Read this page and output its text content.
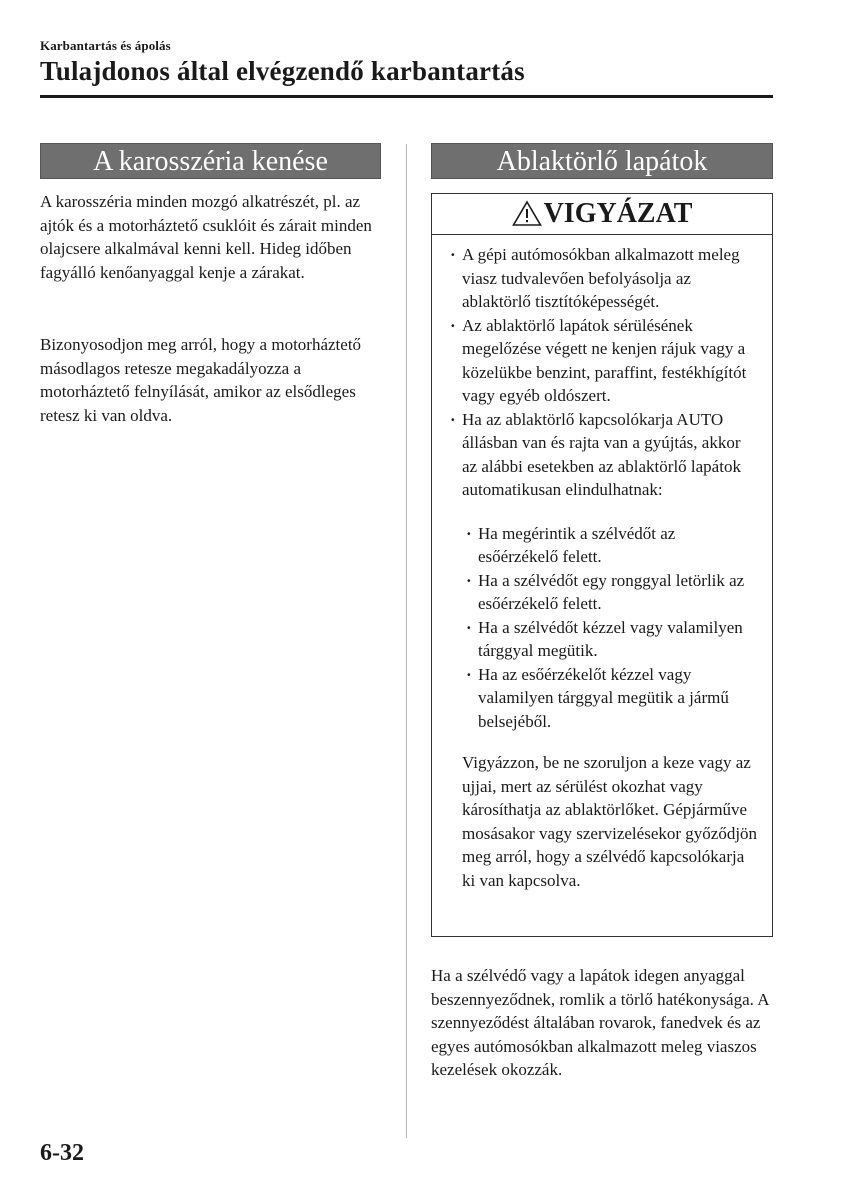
Karbantartás és ápolás
Tulajdonos által elvégzendő karbantartás
A karosszéria kenése

A karosszéria minden mozgó alkatrészét, pl. az ajtók és a motorháztető csuklóit és zárait minden olajcsere alkalmával kenni kell. Hideg időben fagyálló kenőanyaggal kenje a zárakat.

Bizonyosodjon meg arról, hogy a motorháztető másodlagos retesze megakadályozza a motorháztető felnyílását, amikor az elsődleges retesz ki van oldva.

Ablaktörlő lapátok
VIGYÁZAT
· A gépi autómosókban alkalmazott meleg viasz tudvalevően befolyásolja az ablaktörlő tisztítóképességét.
· Az ablaktörlő lapátok sérülésének megelőzése végett ne kenjen rájuk vagy a közelükbe benzint, paraffint, festékhígítót vagy egyéb oldószert.
· Ha az ablaktörlő kapcsolókarja AUTO állásban van és rajta van a gyújtás, akkor az alábbi esetekben az ablaktörlő lapátok automatikusan elindulhatnak:
· Ha megérintik a szélvédőt az esőérzékelő felett.
· Ha a szélvédőt egy ronggyal letörlik az esőérzékelő felett.
· Ha a szélvédőt kézzel vagy valamilyen tárggyal megütik.
· Ha az esőérzékelőt kézzel vagy valamilyen tárggyal megütik a jármű belsejéből.
Vigyázzon, be ne szoruljon a keze vagy az ujjai, mert az sérülést okozhat vagy károsíthatja az ablaktörlőket. Gépjárműve mosásakor vagy szervizelésekor győződjön meg arról, hogy a szélvédő kapcsolókarja ki van kapcsolva.

Ha a szélvédő vagy a lapátok idegen anyaggal beszennyeződnek, romlik a törlő hatékonysága. A szennyeződést általában rovarok, fanedvek és az egyes autómosókban alkalmazott meleg viaszos kezelések okozzák.

6-32
